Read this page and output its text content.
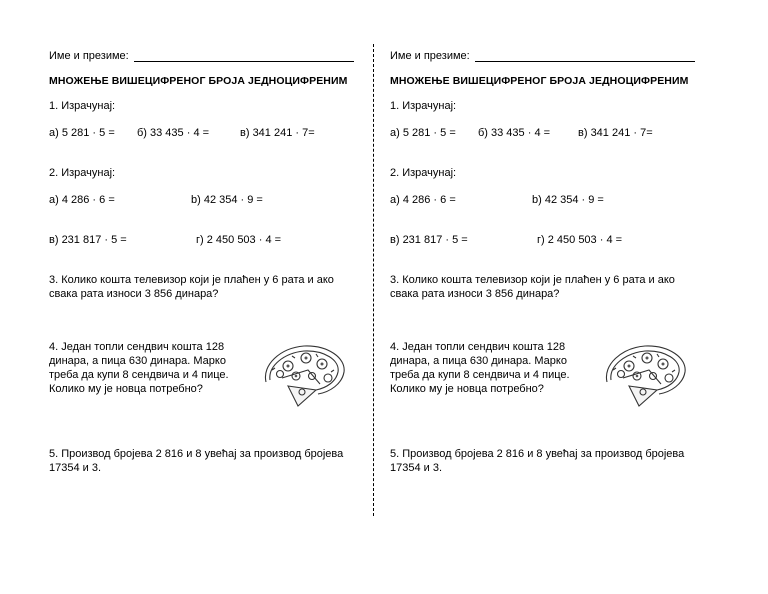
Име и презиме:
МНОЖЕЊЕ ВИШЕЦИФРЕНОГ БРОЈА ЈЕДНОЦИФРЕНИМ
1. Израчунај:
а) 5 281 · 5 = б) 33 435 · 4 =	в) 341 241 · 7=
2. Израчунај:
а) 4 286 · 6 =	b) 42 354 · 9 =
в) 231 817 · 5 =	г) 2 450 503 · 4 =
3. Колико кошта телевизор који је плаћен у 6 рата и ако
свака рата износи 3 856 динара?
4. Један топли сендвич кошта 128
динара, а пица 630 динара. Марко
треба да купи 8 сендвича и 4 пице.
Колико му је новца потребно?
5. Производ бројева 2 816 и 8 увећај за производ бројева
17354 и 3.
Име и презиме:
МНОЖЕЊЕ ВИШЕЦИФРЕНОГ БРОЈА ЈЕДНОЦИФРЕНИМ
1. Израчунај:
а) 5 281 · 5 = б) 33 435 · 4 =	в) 341 241 · 7=
2. Израчунај:
а) 4 286 · 6 =	b) 42 354 · 9 =
в) 231 817 · 5 =	г) 2 450 503 · 4 =
3. Колико кошта телевизор који је плаћен у 6 рата и ако
свака рата износи 3 856 динара?
4. Један топли сендвич кошта 128
динара, а пица 630 динара. Марко
треба да купи 8 сендвича и 4 пице.
Колико му је новца потребно?
5. Производ бројева 2 816 и 8 увећај за производ бројева
17354 и 3.
